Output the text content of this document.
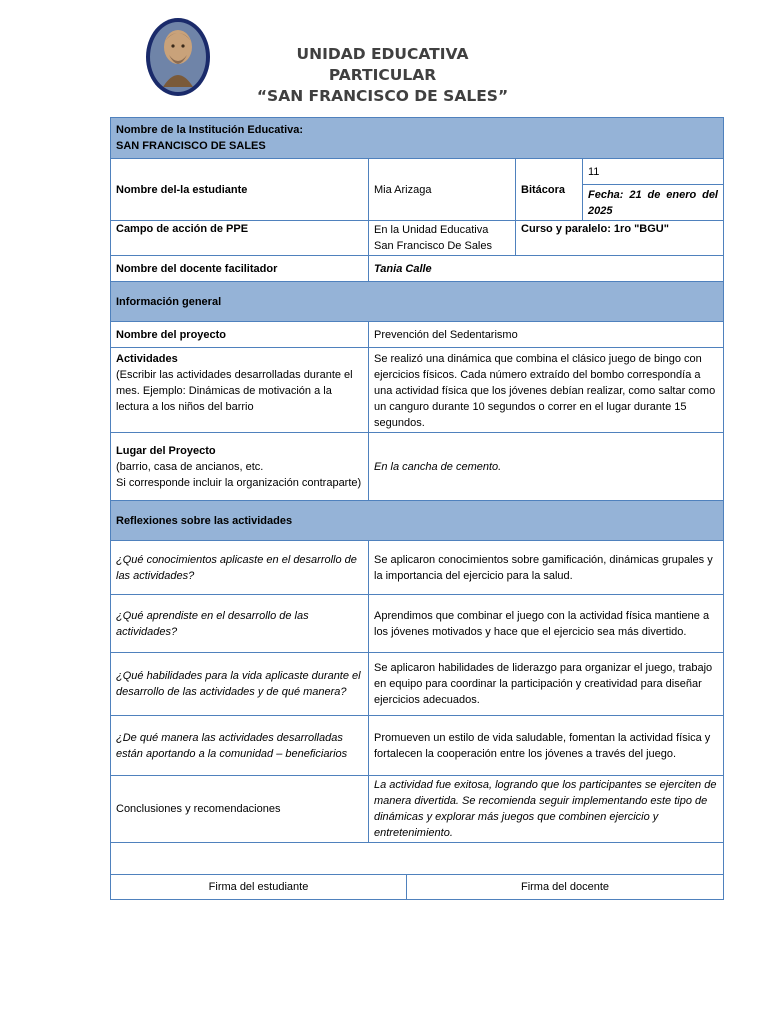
UNIDAD EDUCATIVA PARTICULAR
“SAN FRANCISCO DE SALES”
Nombre de la Institución Educativa:
SAN FRANCISCO DE SALES				

Nombre del-la estudiante	Mia Arizaga		Bitácora	11
				Fecha: 21 de enero del 2025
Campo de acción de PPE	En la Unidad Educativa San Francisco De Sales		Curso y paralelo: 1ro "BGU"	
Nombre del docente facilitador	Tania Calle			
Información general				
Nombre del proyecto	Prevención del Sedentarismo			

Actividades
(Escribir las actividades desarrolladas durante el mes. Ejemplo: Dinámicas de motivación a la lectura a los niños del barrio	Se realizó una dinámica que combina el clásico juego de bingo con ejercicios físicos. Cada número extraído del bombo correspondía a una actividad física que los jóvenes debían realizar, como saltar como un canguro durante 10 segundos o correr en el lugar durante 15 segundos.			

Lugar del Proyecto
(barrio, casa de ancianos, etc.
Si corresponde incluir la organización contraparte)	En la cancha de cemento.			
Reflexiones sobre las actividades				
¿Qué conocimientos aplicaste en el desarrollo de las actividades?	Se aplicaron conocimientos sobre gamificación, dinámicas grupales y la importancia del ejercicio para la salud.			
¿Qué aprendiste en el desarrollo de las actividades?	Aprendimos que combinar el juego con la actividad física mantiene a los jóvenes motivados y hace que el ejercicio sea más divertido.			
¿Qué habilidades para la vida aplicaste durante el desarrollo de las actividades y de qué manera?	Se aplicaron habilidades de liderazgo para organizar el juego, trabajo en equipo para coordinar la participación y creatividad para diseñar ejercicios adecuados.			
¿De qué manera las actividades desarrolladas están aportando a la comunidad – beneficiarios	Promueven un estilo de vida saludable, fomentan la actividad física y fortalecen la cooperación entre los jóvenes a través del juego.			
Conclusiones y recomendaciones	La actividad fue exitosa, logrando que los participantes se ejerciten de manera divertida. Se recomienda seguir implementando este tipo de dinámicas y explorar más juegos que combinen ejercicio y entretenimiento.			

Firma del estudiante		Firma del docente		
